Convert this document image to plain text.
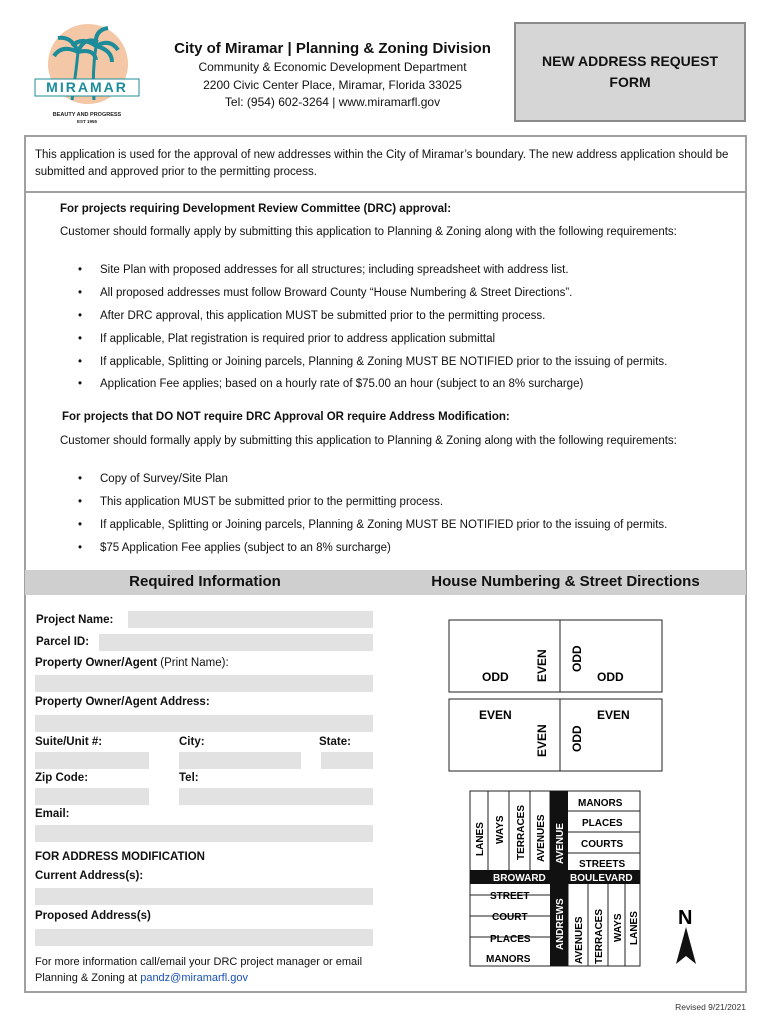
MIRAMAR
BEAUTY AND PROGRESS
EST 1955
City of Miramar | Planning & Zoning Division
Community & Economic Development Department
2200 Civic Center Place, Miramar, Florida 33025
Tel: (954) 602-3264 | www.miramarfl.gov
NEW ADDRESS REQUEST
FORM
This application is used for the approval of new addresses within the City of Miramar’s boundary. The new address application should be submitted and approved prior to the permitting process.
For projects requiring Development Review Committee (DRC) approval:
Customer should formally apply by submitting this application to Planning & Zoning along with the following requirements:
• Site Plan with proposed addresses for all structures; including spreadsheet with address list.
• All proposed addresses must follow Broward County “House Numbering & Street Directions”.
• After DRC approval, this application MUST be submitted prior to the permitting process.
• If applicable, Plat registration is required prior to address application submittal
• If applicable, Splitting or Joining parcels, Planning & Zoning MUST BE NOTIFIED prior to the issuing of permits.
• Application Fee applies; based on a hourly rate of $75.00 an hour (subject to an 8% surcharge)
For projects that DO NOT require DRC Approval OR require Address Modification:
Customer should formally apply by submitting this application to Planning & Zoning along with the following requirements:
• Copy of Survey/Site Plan
• This application MUST be submitted prior to the permitting process.
• If applicable, Splitting or Joining parcels, Planning & Zoning MUST BE NOTIFIED prior to the issuing of permits.
• $75 Application Fee applies (subject to an 8% surcharge)
Required Information	House Numbering & Street Directions
Project Name:
Parcel ID:
Property Owner/Agent (Print Name):
Property Owner/Agent Address:
Suite/Unit #:	City:	State:
Zip Code:	Tel:
Email:
FOR ADDRESS MODIFICATION
Current Address(s):
Proposed Address(s)
For more information call/email your DRC project manager or email Planning & Zoning at pandz@miramarfl.gov
ODD EVEN ODD
ODD
EVEN
EVEN ODD
EVEN
BROWARD BOULEVARD
AVENUE
ANDREWS
LANES WAYS TERRACES AVENUES
MANORS
PLACES
COURTS
STREETS
STREET
COURT
PLACES
MANORS	AVENUES TERRACES WAYS LANES N
Revised 9/21/2021
